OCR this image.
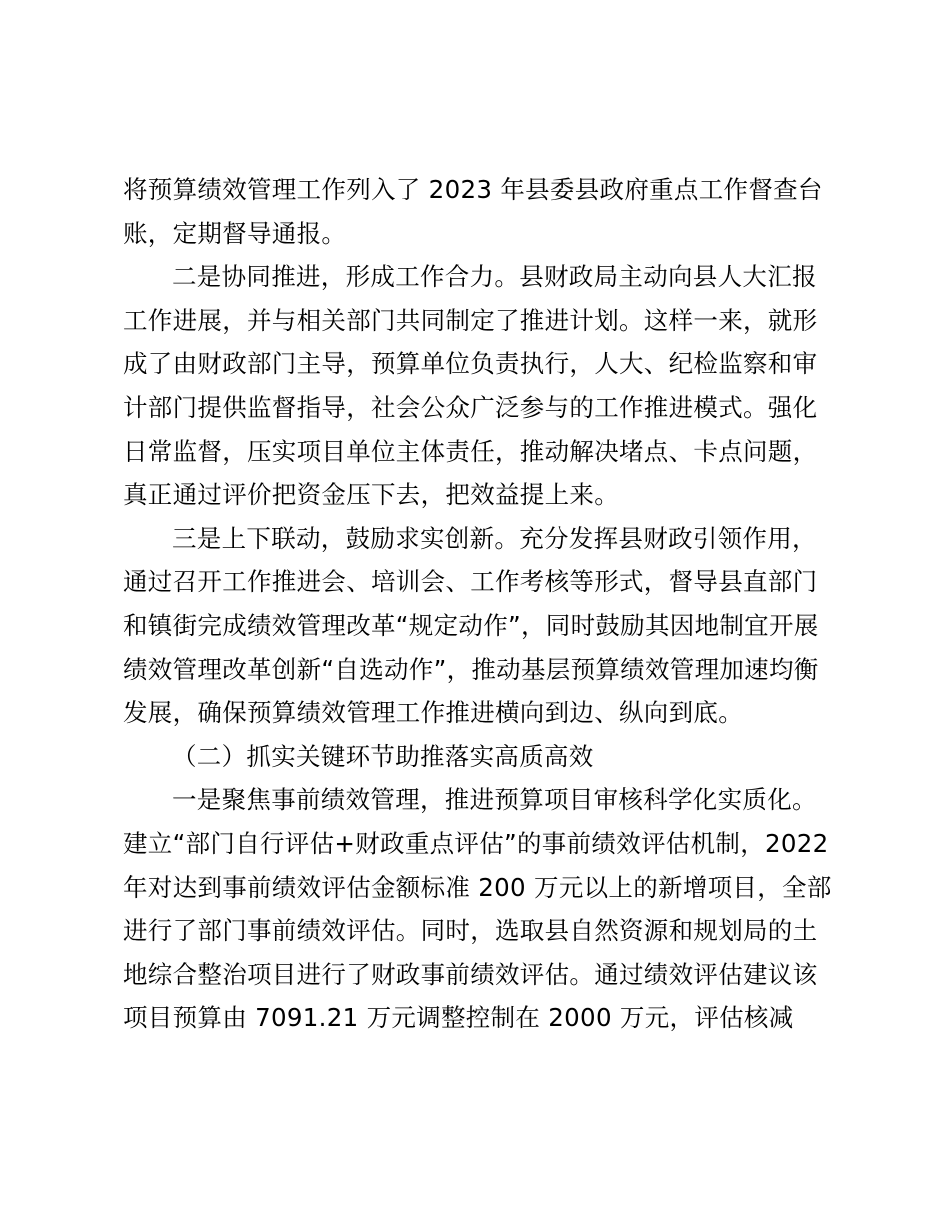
将预算绩效管理工作列入了 2023 年县委县政府重点工作督查台
账，定期督导通报。
二是协同推进，形成工作合力。县财政局主动向县人大汇报
工作进展，并与相关部门共同制定了推进计划。这样一来，就形
成了由财政部门主导，预算单位负责执行，人大、纪检监察和审
计部门提供监督指导，社会公众广泛参与的工作推进模式。强化
日常监督，压实项目单位主体责任，推动解决堵点、卡点问题，
真正通过评价把资金压下去，把效益提上来。
三是上下联动，鼓励求实创新。充分发挥县财政引领作用，
通过召开工作推进会、培训会、工作考核等形式，督导县直部门
和镇街完成绩效管理改革“规定动作”，同时鼓励其因地制宜开展
绩效管理改革创新“自选动作”，推动基层预算绩效管理加速均衡
发展，确保预算绩效管理工作推进横向到边、纵向到底。
（二）抓实关键环节助推落实高质高效
一是聚焦事前绩效管理，推进预算项目审核科学化实质化。
建立“部门自行评估+财政重点评估”的事前绩效评估机制，2022
年对达到事前绩效评估金额标准 200 万元以上的新增项目，全部
进行了部门事前绩效评估。同时，选取县自然资源和规划局的土
地综合整治项目进行了财政事前绩效评估。通过绩效评估建议该
项目预算由 7091.21 万元调整控制在 2000 万元，评估核减
